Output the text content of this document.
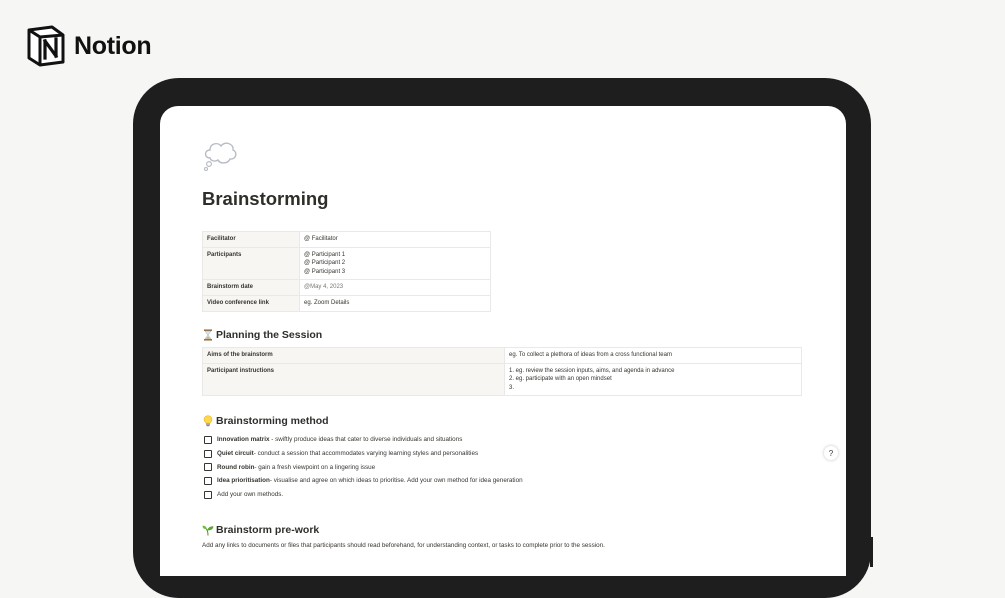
Notion
Brainstorming
Facilitator	@ Facilitator

Participants	@ Participant 1
@ Participant 2
@ Participant 3

Brainstorm date	@May 4, 2023

Video conference link	eg. Zoom Details
Planning the Session
Aims of the brainstorm	eg. To collect a plethora of ideas from a cross functional team

Participant instructions	1. eg. review the session inputs, aims, and agenda in advance
2. eg. participate with an open mindset
3.
Brainstorming method
Innovation matrix - swiftly produce ideas that cater to diverse individuals and situations
Quiet circuit- conduct a session that accommodates varying learning styles and personalities
Round robin- gain a fresh viewpoint on a lingering issue
Idea prioritisation- visualise and agree on which ideas to prioritise. Add your own method for idea generation
Add your own methods.
Brainstorm pre-work
Add any links to documents or files that participants should read beforehand, for understanding context, or tasks to complete prior to the session.
?
